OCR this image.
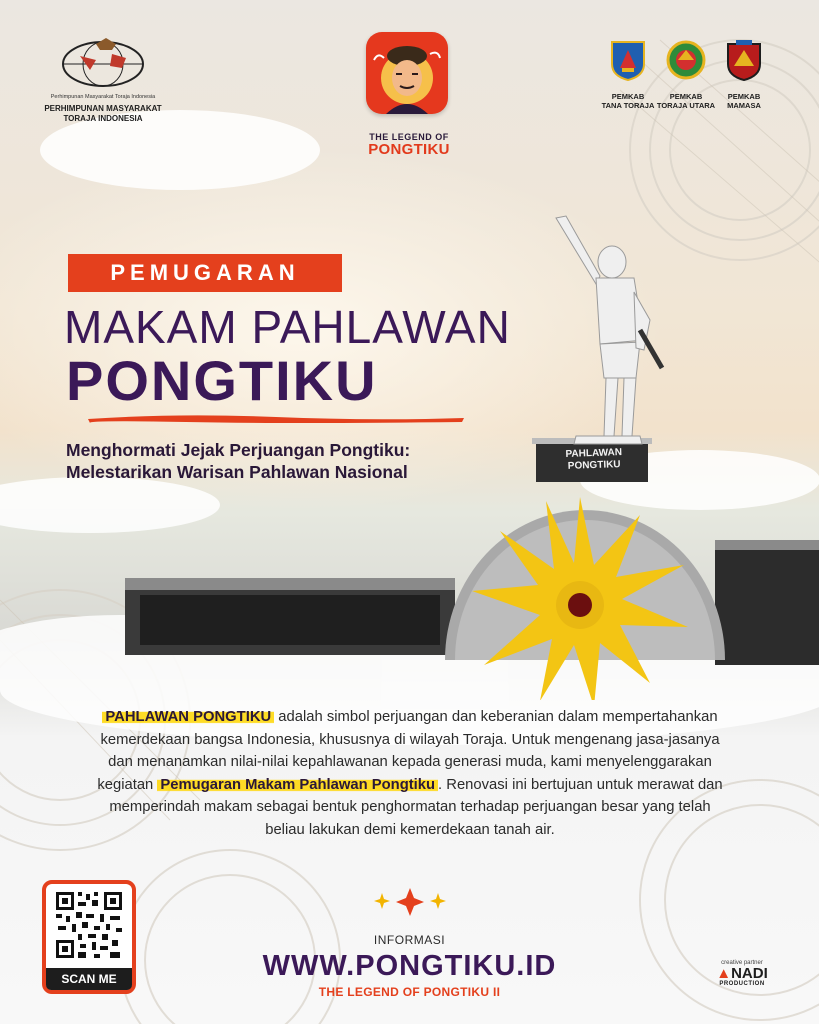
PAHLAWAN
PONGTIKU
Perhimpunan Masyarakat Toraja Indonesia
PERHIMPUNAN MASYARAKAT
TORAJA INDONESIA
THE LEGEND OF
PONGTIKU
PEMKAB
TANA TORAJA
PEMKAB
TORAJA UTARA
PEMKAB
MAMASA
PEMUGARAN
MAKAM PAHLAWAN
PONGTIKU
Menghormati Jejak Perjuangan Pongtiku:
Melestarikan Warisan Pahlawan Nasional
PAHLAWAN PONGTIKU adalah simbol perjuangan dan keberanian dalam mempertahankan kemerdekaan bangsa Indonesia, khususnya di wilayah Toraja. Untuk mengenang jasa-jasanya dan menanamkan nilai-nilai kepahlawanan kepada generasi muda, kami menyelenggarakan kegiatan Pemugaran Makam Pahlawan Pongtiku . Renovasi ini bertujuan untuk merawat dan memperindah makam sebagai bentuk penghormatan terhadap perjuangan besar yang telah beliau lakukan demi kemerdekaan tanah air.
SCAN ME
INFORMASI
WWW.PONGTIKU.ID
THE LEGEND OF PONGTIKU II
creative partner
▲NADI
PRODUCTION
